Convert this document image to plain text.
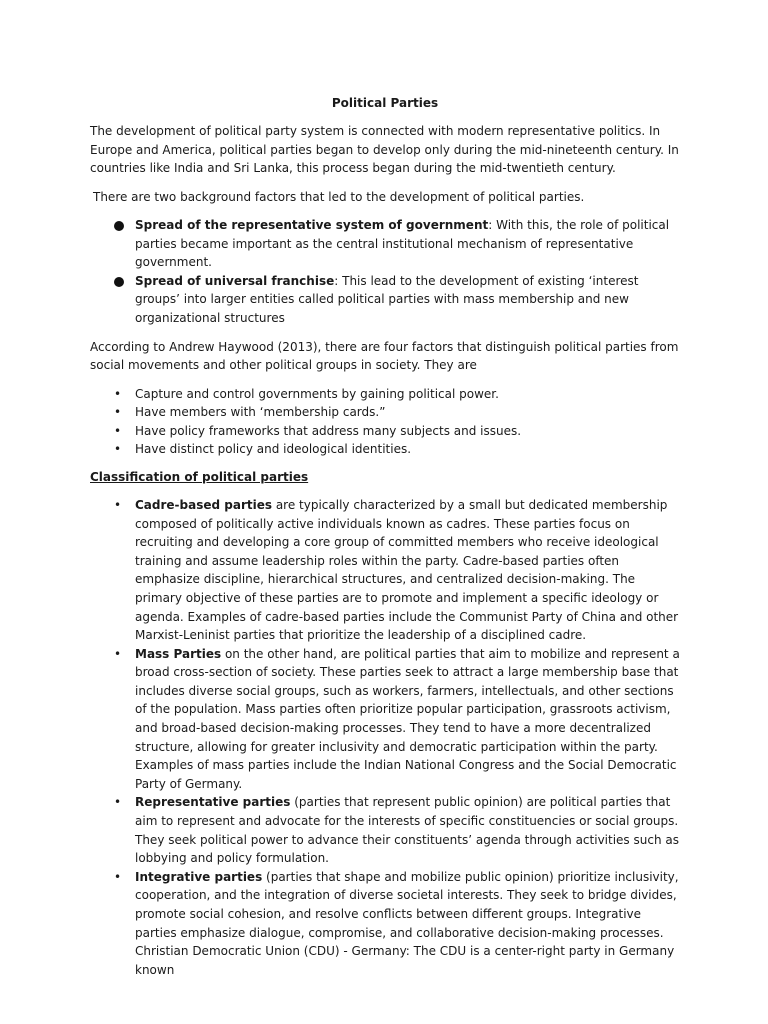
Political Parties

The development of political party system is connected with modern representative politics. In Europe and America, political parties began to develop only during the mid-nineteenth century. In countries like India and Sri Lanka, this process began during the mid-twentieth century.

There are two background factors that led to the development of political parties.

Spread of the representative system of government: With this, the role of political parties became important as the central institutional mechanism of representative government.
Spread of universal franchise: This lead to the development of existing ‘interest groups’ into larger entities called political parties with mass membership and new organizational structures

According to Andrew Haywood (2013), there are four factors that distinguish political parties from social movements and other political groups in society. They are

• Capture and control governments by gaining political power.
• Have members with ‘membership cards.”
• Have policy frameworks that address many subjects and issues.
• Have distinct policy and ideological identities.

Classification of political parties

• Cadre-based parties are typically characterized by a small but dedicated membership composed of politically active individuals known as cadres. These parties focus on recruiting and developing a core group of committed members who receive ideological training and assume leadership roles within the party. Cadre-based parties often emphasize discipline, hierarchical structures, and centralized decision-making. The primary objective of these parties are to promote and implement a specific ideology or agenda. Examples of cadre-based parties include the Communist Party of China and other Marxist-Leninist parties that prioritize the leadership of a disciplined cadre.
• Mass Parties on the other hand, are political parties that aim to mobilize and represent a broad cross-section of society. These parties seek to attract a large membership base that includes diverse social groups, such as workers, farmers, intellectuals, and other sections of the population. Mass parties often prioritize popular participation, grassroots activism, and broad-based decision-making processes. They tend to have a more decentralized structure, allowing for greater inclusivity and democratic participation within the party. Examples of mass parties include the Indian National Congress and the Social Democratic Party of Germany.
• Representative parties (parties that represent public opinion) are political parties that aim to represent and advocate for the interests of specific constituencies or social groups. They seek political power to advance their constituents’ agenda through activities such as lobbying and policy formulation.
• Integrative parties (parties that shape and mobilize public opinion) prioritize inclusivity, cooperation, and the integration of diverse societal interests. They seek to bridge divides, promote social cohesion, and resolve conflicts between different groups. Integrative parties emphasize dialogue, compromise, and collaborative decision-making processes.

Christian Democratic Union (CDU) - Germany: The CDU is a center-right party in Germany known
